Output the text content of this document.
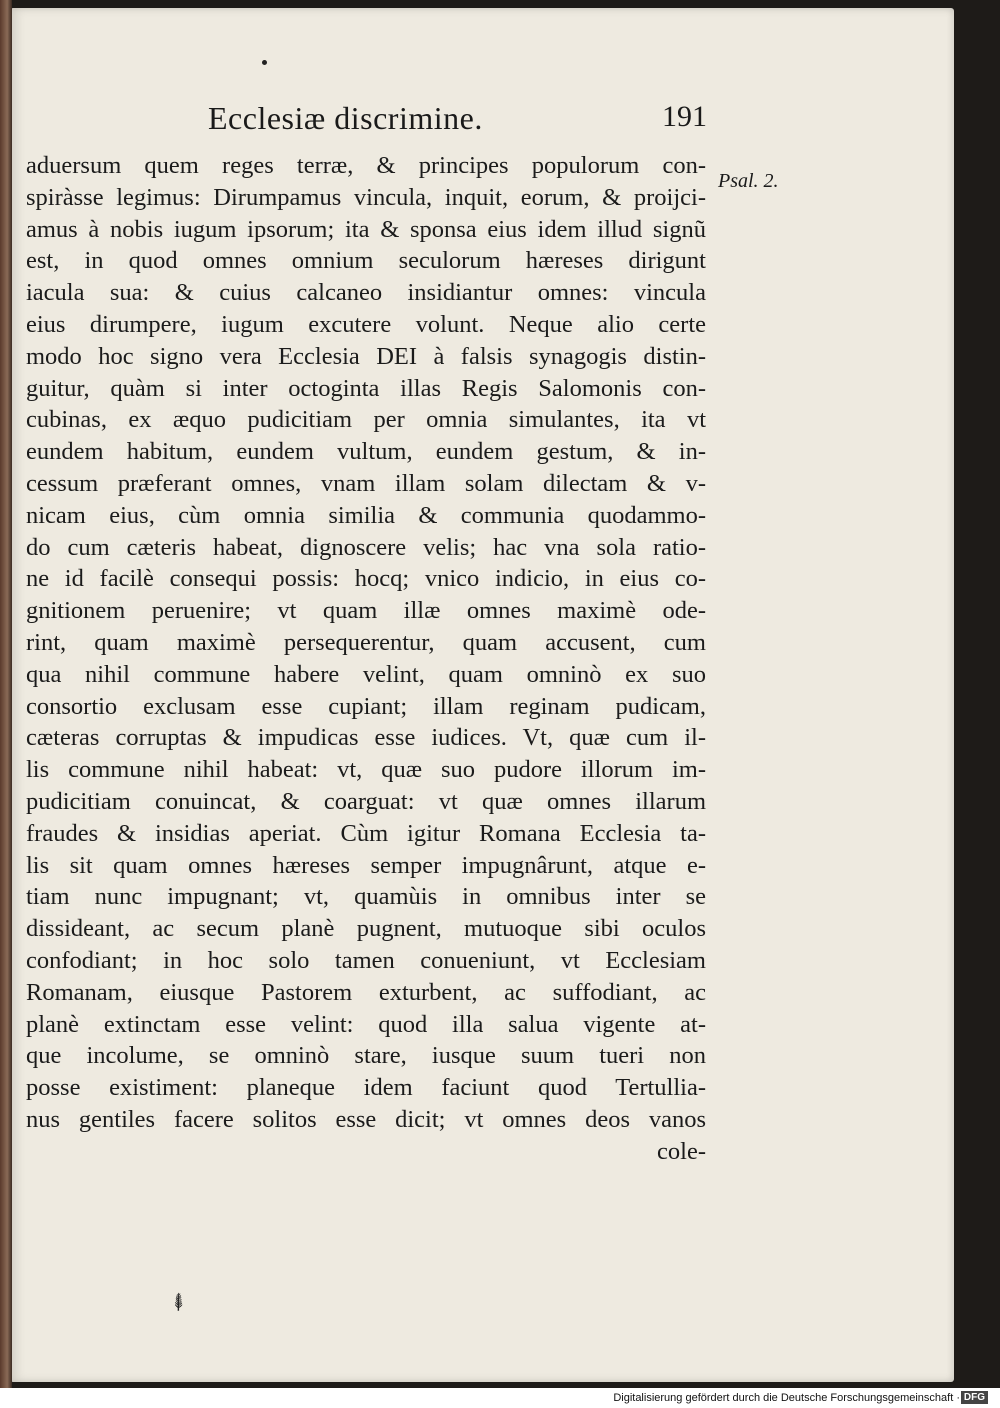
Ecclesiæ discrimine.	191
Psal. 2.
aduersum quem reges terræ, & principes populorum con-
spiràsse legimus: Dirumpamus vincula, inquit, eorum, & proijci-
amus à nobis iugum ipsorum; ita & sponsa eius idem illud signũ
est, in quod omnes omnium seculorum hæreses dirigunt
iacula sua: & cuius calcaneo insidiantur omnes: vincula
eius dirumpere, iugum excutere volunt. Neque alio certe
modo hoc signo vera Ecclesia DEI à falsis synagogis distin-
guitur, quàm si inter octoginta illas Regis Salomonis con-
cubinas, ex æquo pudicitiam per omnia simulantes, ita vt
eundem habitum, eundem vultum, eundem gestum, & in-
cessum præferant omnes, vnam illam solam dilectam & v-
nicam eius, cùm omnia similia & communia quodammo-
do cum cæteris habeat, dignoscere velis; hac vna sola ratio-
ne id facilè consequi possis: hocq; vnico indicio, in eius co-
gnitionem peruenire; vt quam illæ omnes maximè ode-
rint, quam maximè persequerentur, quam accusent, cum
qua nihil commune habere velint, quam omninò ex suo
consortio exclusam esse cupiant; illam reginam pudicam,
cæteras corruptas & impudicas esse iudices. Vt, quæ cum il-
lis commune nihil habeat: vt, quæ suo pudore illorum im-
pudicitiam conuincat, & coarguat: vt quæ omnes illarum
fraudes & insidias aperiat. Cùm igitur Romana Ecclesia ta-
lis sit quam omnes hæreses semper impugnârunt, atque e-
tiam nunc impugnant; vt, quamùis in omnibus inter se
dissideant, ac secum planè pugnent, mutuoque sibi oculos
confodiant; in hoc solo tamen conueniunt, vt Ecclesiam
Romanam, eiusque Pastorem exturbent, ac suffodiant, ac
planè extinctam esse velint: quod illa salua vigente at-
que incolume, se omninò stare, iusque suum tueri non
posse existiment: planeque idem faciunt quod Tertullia-
nus gentiles facere solitos esse dicit; vt omnes deos vanos
cole-
⸙
Digitalisierung gefördert durch die Deutsche Forschungsgemeinschaft · DFG
